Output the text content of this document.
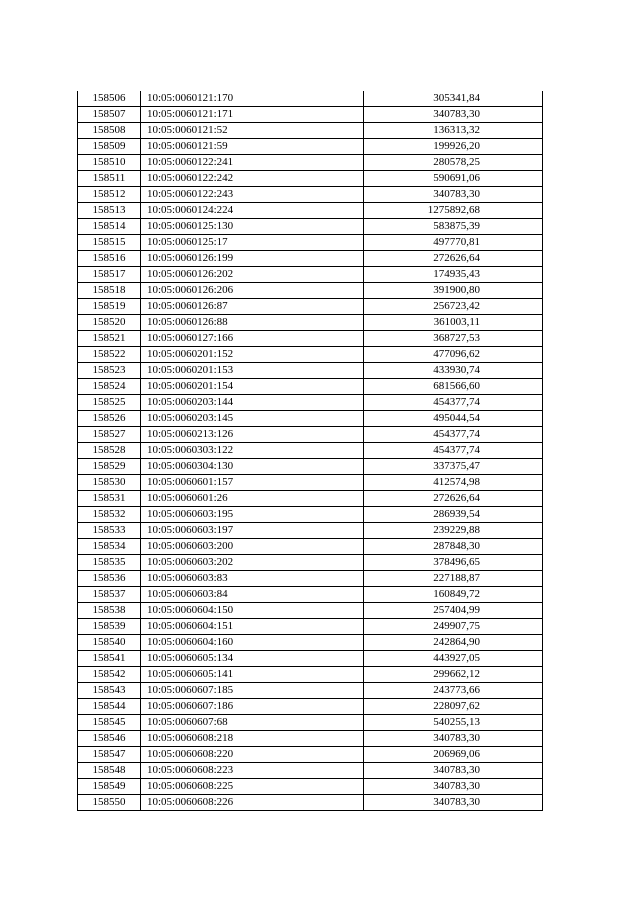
158506	10:05:0060121:170	305341,84
158507	10:05:0060121:171	340783,30
158508	10:05:0060121:52	136313,32
158509	10:05:0060121:59	199926,20
158510	10:05:0060122:241	280578,25
158511	10:05:0060122:242	590691,06
158512	10:05:0060122:243	340783,30
158513	10:05:0060124:224	1275892,68
158514	10:05:0060125:130	583875,39
158515	10:05:0060125:17	497770,81
158516	10:05:0060126:199	272626,64
158517	10:05:0060126:202	174935,43
158518	10:05:0060126:206	391900,80
158519	10:05:0060126:87	256723,42
158520	10:05:0060126:88	361003,11
158521	10:05:0060127:166	368727,53
158522	10:05:0060201:152	477096,62
158523	10:05:0060201:153	433930,74
158524	10:05:0060201:154	681566,60
158525	10:05:0060203:144	454377,74
158526	10:05:0060203:145	495044,54
158527	10:05:0060213:126	454377,74
158528	10:05:0060303:122	454377,74
158529	10:05:0060304:130	337375,47
158530	10:05:0060601:157	412574,98
158531	10:05:0060601:26	272626,64
158532	10:05:0060603:195	286939,54
158533	10:05:0060603:197	239229,88
158534	10:05:0060603:200	287848,30
158535	10:05:0060603:202	378496,65
158536	10:05:0060603:83	227188,87
158537	10:05:0060603:84	160849,72
158538	10:05:0060604:150	257404,99
158539	10:05:0060604:151	249907,75
158540	10:05:0060604:160	242864,90
158541	10:05:0060605:134	443927,05
158542	10:05:0060605:141	299662,12
158543	10:05:0060607:185	243773,66
158544	10:05:0060607:186	228097,62
158545	10:05:0060607:68	540255,13
158546	10:05:0060608:218	340783,30
158547	10:05:0060608:220	206969,06
158548	10:05:0060608:223	340783,30
158549	10:05:0060608:225	340783,30
158550	10:05:0060608:226	340783,30
